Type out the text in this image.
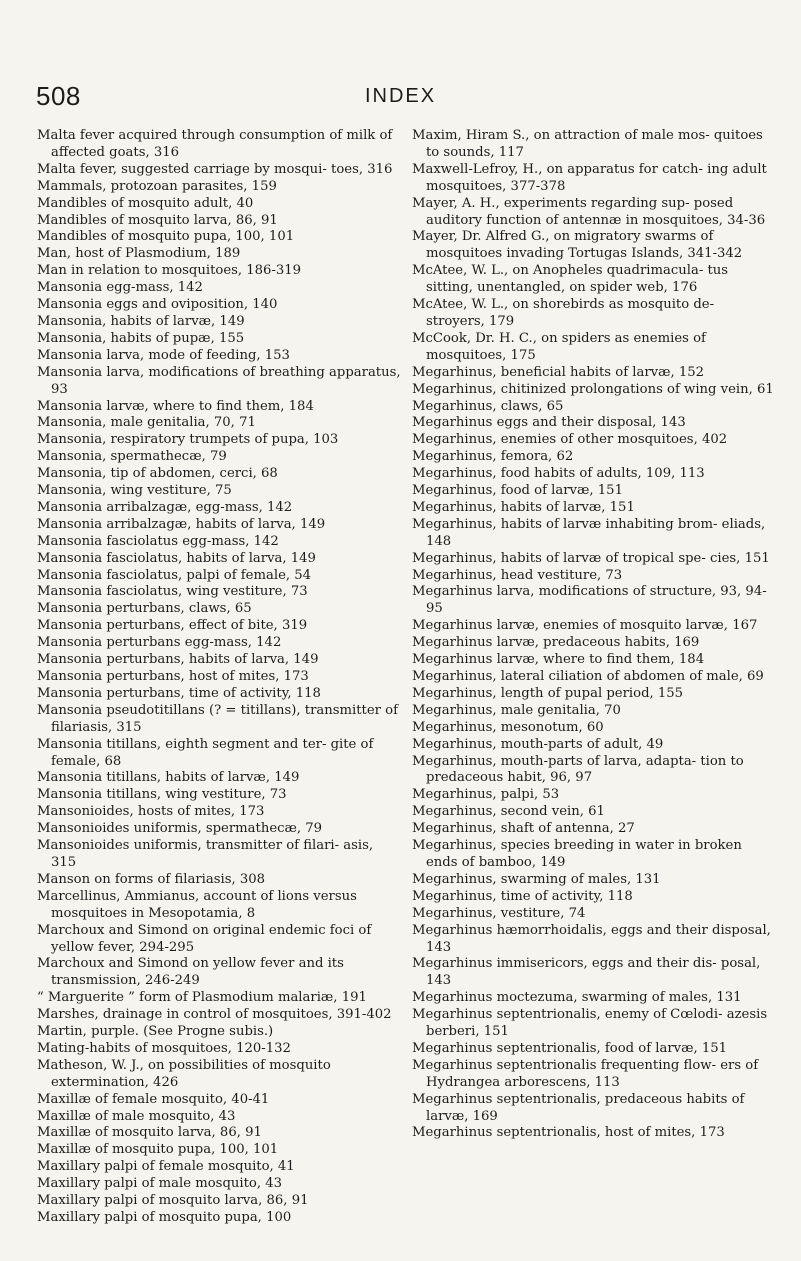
508	INDEX
Malta fever acquired through consumption of milk of affected goats, 316
Malta fever, suggested carriage by mosqui- toes, 316
Mammals, protozoan parasites, 159
Mandibles of mosquito adult, 40
Mandibles of mosquito larva, 86, 91
Mandibles of mosquito pupa, 100, 101
Man, host of Plasmodium, 189
Man in relation to mosquitoes, 186-319
Mansonia egg-mass, 142
Mansonia eggs and oviposition, 140
Mansonia, habits of larvæ, 149
Mansonia, habits of pupæ, 155
Mansonia larva, mode of feeding, 153
Mansonia larva, modifications of breathing apparatus, 93
Mansonia larvæ, where to find them, 184
Mansonia, male genitalia, 70, 71
Mansonia, respiratory trumpets of pupa, 103
Mansonia, spermathecæ, 79
Mansonia, tip of abdomen, cerci, 68
Mansonia, wing vestiture, 75
Mansonia arribalzagæ, egg-mass, 142
Mansonia arribalzagæ, habits of larva, 149
Mansonia fasciolatus egg-mass, 142
Mansonia fasciolatus, habits of larva, 149
Mansonia fasciolatus, palpi of female, 54
Mansonia fasciolatus, wing vestiture, 73
Mansonia perturbans, claws, 65
Mansonia perturbans, effect of bite, 319
Mansonia perturbans egg-mass, 142
Mansonia perturbans, habits of larva, 149
Mansonia perturbans, host of mites, 173
Mansonia perturbans, time of activity, 118
Mansonia pseudotitillans (? = titillans), transmitter of filariasis, 315
Mansonia titillans, eighth segment and ter- gite of female, 68
Mansonia titillans, habits of larvæ, 149
Mansonia titillans, wing vestiture, 73
Mansonioides, hosts of mites, 173
Mansonioides uniformis, spermathecæ, 79
Mansonioides uniformis, transmitter of filari- asis, 315
Manson on forms of filariasis, 308
Marcellinus, Ammianus, account of lions versus mosquitoes in Mesopotamia, 8
Marchoux and Simond on original endemic foci of yellow fever, 294-295
Marchoux and Simond on yellow fever and its transmission, 246-249
“ Marguerite ” form of Plasmodium malariæ, 191
Marshes, drainage in control of mosquitoes, 391-402
Martin, purple. (See Progne subis.)
Mating-habits of mosquitoes, 120-132
Matheson, W. J., on possibilities of mosquito extermination, 426
Maxillæ of female mosquito, 40-41
Maxillæ of male mosquito, 43
Maxillæ of mosquito larva, 86, 91
Maxillæ of mosquito pupa, 100, 101
Maxillary palpi of female mosquito, 41
Maxillary palpi of male mosquito, 43
Maxillary palpi of mosquito larva, 86, 91
Maxillary palpi of mosquito pupa, 100
Maxim, Hiram S., on attraction of male mos- quitoes to sounds, 117
Maxwell-Lefroy, H., on apparatus for catch- ing adult mosquitoes, 377-378
Mayer, A. H., experiments regarding sup- posed auditory function of antennæ in mosquitoes, 34-36
Mayer, Dr. Alfred G., on migratory swarms of mosquitoes invading Tortugas Islands, 341-342
McAtee, W. L., on Anopheles quadrimacula- tus sitting, unentangled, on spider web, 176
McAtee, W. L., on shorebirds as mosquito de- stroyers, 179
McCook, Dr. H. C., on spiders as enemies of mosquitoes, 175
Megarhinus, beneficial habits of larvæ, 152
Megarhinus, chitinized prolongations of wing vein, 61
Megarhinus, claws, 65
Megarhinus eggs and their disposal, 143
Megarhinus, enemies of other mosquitoes, 402
Megarhinus, femora, 62
Megarhinus, food habits of adults, 109, 113
Megarhinus, food of larvæ, 151
Megarhinus, habits of larvæ, 151
Megarhinus, habits of larvæ inhabiting brom- eliads, 148
Megarhinus, habits of larvæ of tropical spe- cies, 151
Megarhinus, head vestiture, 73
Megarhinus larva, modifications of structure, 93, 94-95
Megarhinus larvæ, enemies of mosquito larvæ, 167
Megarhinus larvæ, predaceous habits, 169
Megarhinus larvæ, where to find them, 184
Megarhinus, lateral ciliation of abdomen of male, 69
Megarhinus, length of pupal period, 155
Megarhinus, male genitalia, 70
Megarhinus, mesonotum, 60
Megarhinus, mouth-parts of adult, 49
Megarhinus, mouth-parts of larva, adapta- tion to predaceous habit, 96, 97
Megarhinus, palpi, 53
Megarhinus, second vein, 61
Megarhinus, shaft of antenna, 27
Megarhinus, species breeding in water in broken ends of bamboo, 149
Megarhinus, swarming of males, 131
Megarhinus, time of activity, 118
Megarhinus, vestiture, 74
Megarhinus hæmorrhoidalis, eggs and their disposal, 143
Megarhinus immisericors, eggs and their dis- posal, 143
Megarhinus moctezuma, swarming of males, 131
Megarhinus septentrionalis, enemy of Cœlodi- azesis berberi, 151
Megarhinus septentrionalis, food of larvæ, 151
Megarhinus septentrionalis frequenting flow- ers of Hydrangea arborescens, 113
Megarhinus septentrionalis, predaceous habits of larvæ, 169
Megarhinus septentrionalis, host of mites, 173
